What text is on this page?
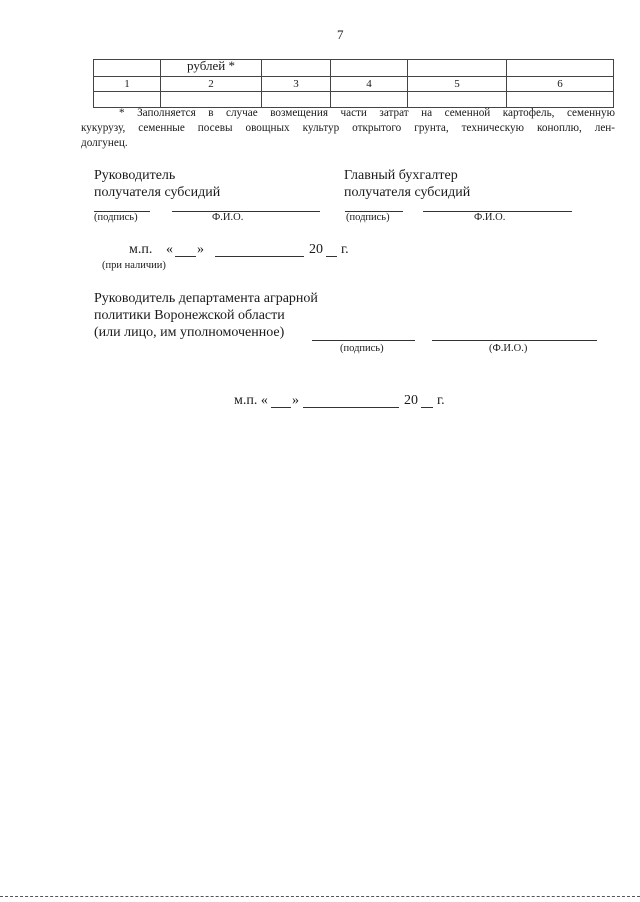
7
	рублей *				
1	2	3	4	5	6

* Заполняется в случае возмещения части затрат на семенной картофель, семенную

кукурузу, семенные посевы овощных культур открытого грунта, техническую коноплю, лен-

долгунец.

Руководитель
получателя субсидий
(подпись)	Ф.И.О.
Главный бухгалтер
получателя субсидий
(подпись)	Ф.И.О.
м.п. « »	20 г.
(при наличии)
Руководитель департамента аграрной
политики Воронежской области
(или лицо, им уполномоченное)
(подпись)	(Ф.И.О.)
м.п. « »	20 г.
